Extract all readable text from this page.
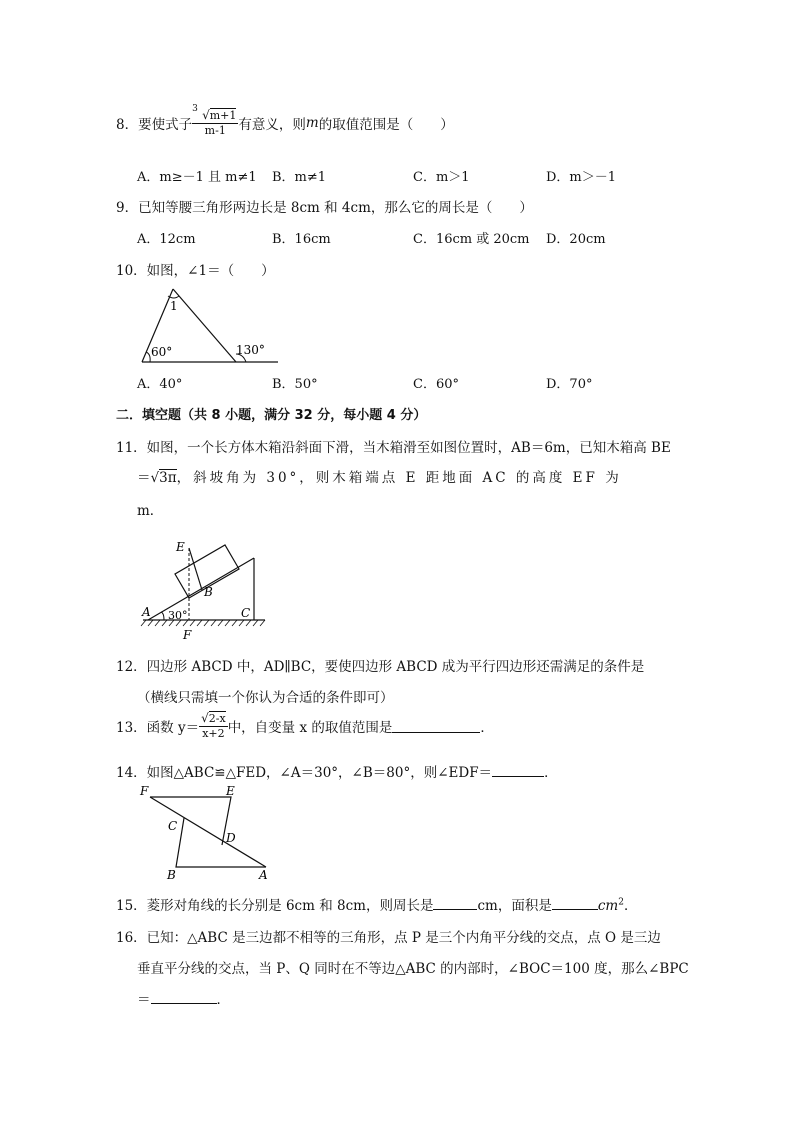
8．要使式子 $\frac{3 √m+1}{m-1}$ 有意义，则m的取值范围是（　　）
A．m≥－1 且 m≠1 B．m≠1	C．m＞1	D．m＞－1
9．已知等腰三角形两边长是 8cm 和 4cm，那么它的周长是（　　）
A．12cm	B．16cm	C．16cm 或 20cm D．20cm
10．如图，∠1＝（　　）
1
60°	130°
A．40°	B．50°	C．60°	D．70°
二．填空题（共 8 小题，满分 32 分，每小题 4 分）
11．如图，一个长方体木箱沿斜面下滑，当木箱滑至如图位置时，AB＝6m，已知木箱高 BE
＝√3π，斜坡角为 30°，则木箱端点 E 距地面 AC 的高度 EF 为
m．
E
B
A	C
F
30°
12．四边形 ABCD 中，AD∥BC，要使四边形 ABCD 成为平行四边形还需满足的条件是
（横线只需填一个你认为合适的条件即可）
13．函数 $y= \frac{√2-x}{x+2}$ 中，自变量 x 的取值范围是	．
14．如图△ABC≌△FED，∠A＝30°，∠B＝80°，则∠EDF＝	．
F	E
C
D
B	A
15．菱形对角线的长分别是 6cm 和 8cm，则周长是	cm，面积是	$cm^2$．
16．已知：△ABC 是三边都不相等的三角形，点 P 是三个内角平分线的交点，点 O 是三边
垂直平分线的交点，当 P、Q 同时在不等边△ABC 的内部时，∠BOC＝100 度，那么∠BPC
＝	．
